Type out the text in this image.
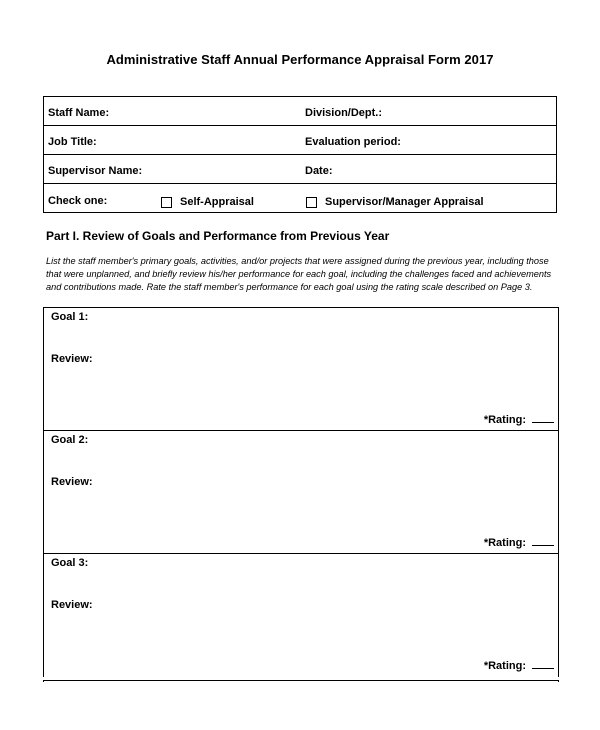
Administrative Staff Annual Performance Appraisal Form 2017
Staff Name:	Division/Dept.:
Job Title:	Evaluation period:
Supervisor Name:	Date:
Check one:	Self-Appraisal	Supervisor/Manager Appraisal
Part I. Review of Goals and Performance from Previous Year
List the staff member's primary goals, activities, and/or projects that were assigned during the previous year, including those
that were unplanned, and briefly review his/her performance for each goal, including the challenges faced and achievements
and contributions made. Rate the staff member's performance for each goal using the rating scale described on Page 3.
Goal 1:
Review:
*Rating:
Goal 2:
Review:
*Rating:
Goal 3:
Review:
*Rating:
